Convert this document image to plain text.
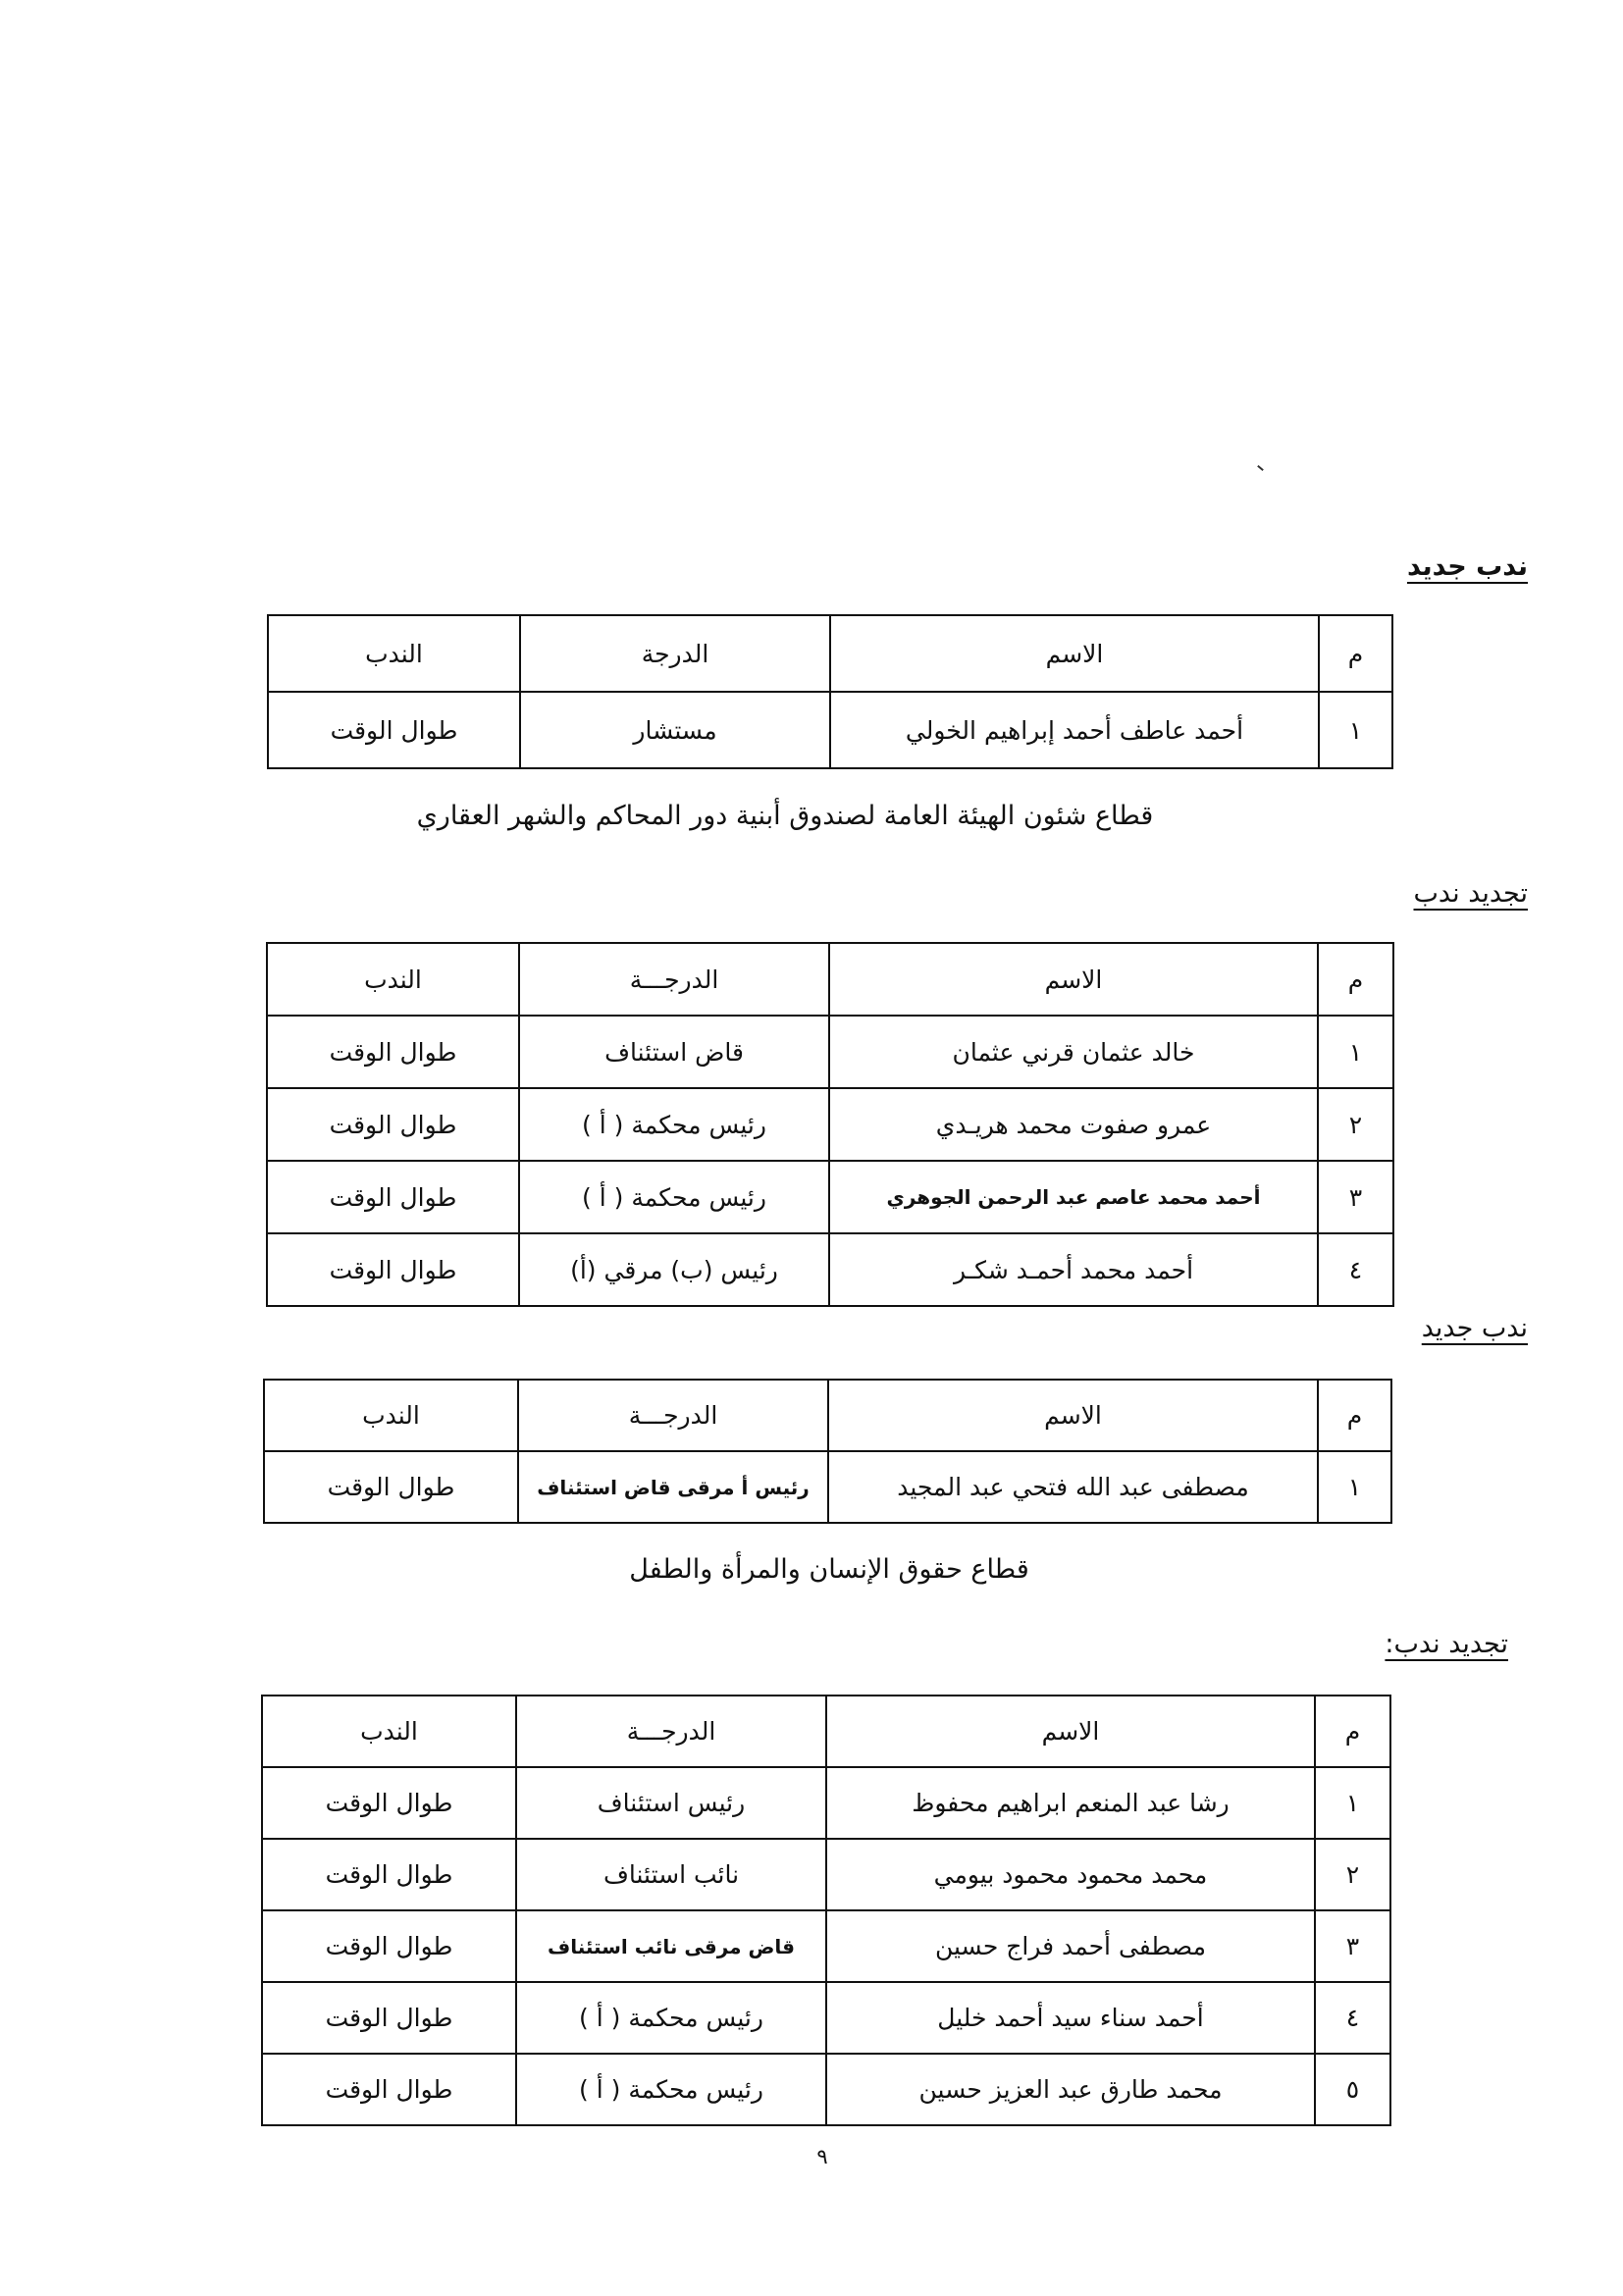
ندب جديد
م	الاسم	الدرجة	الندب
١	أحمد عاطف أحمد إبراهيم الخولي	مستشار	طوال الوقت
قطاع شئون الهيئة العامة لصندوق أبنية دور المحاكم والشهر العقاري
تجديد ندب
م	الاسم	الدرجـــة	الندب
١	خالد عثمان قرني عثمان	قاض استئناف	طوال الوقت
٢	عمرو صفوت محمد هريـدي	رئيس محكمة ( أ )	طوال الوقت
٣	أحمد محمد عاصم عبد الرحمن الجوهري	رئيس محكمة ( أ )	طوال الوقت
٤	أحمد محمد أحمـد شكـر	رئيس (ب) مرقي (أ)	طوال الوقت
ندب جديد
م	الاسم	الدرجـــة	الندب
١	مصطفى عبد الله فتحي عبد المجيد	رئيس أ مرقى قاض استئناف	طوال الوقت
قطاع حقوق الإنسان والمرأة والطفل
تجديد ندب:
م	الاسم	الدرجـــة	الندب
١	رشا عبد المنعم ابراهيم محفوظ	رئيس استئناف	طوال الوقت
٢	محمد محمود محمود بيومي	نائب استئناف	طوال الوقت
٣	مصطفى أحمد فراج حسين	قاض مرقى نائب استئناف	طوال الوقت
٤	أحمد سناء سيد أحمد خليل	رئيس محكمة ( أ )	طوال الوقت
٥	محمد طارق عبد العزيز حسين	رئيس محكمة ( أ )	طوال الوقت
٩
